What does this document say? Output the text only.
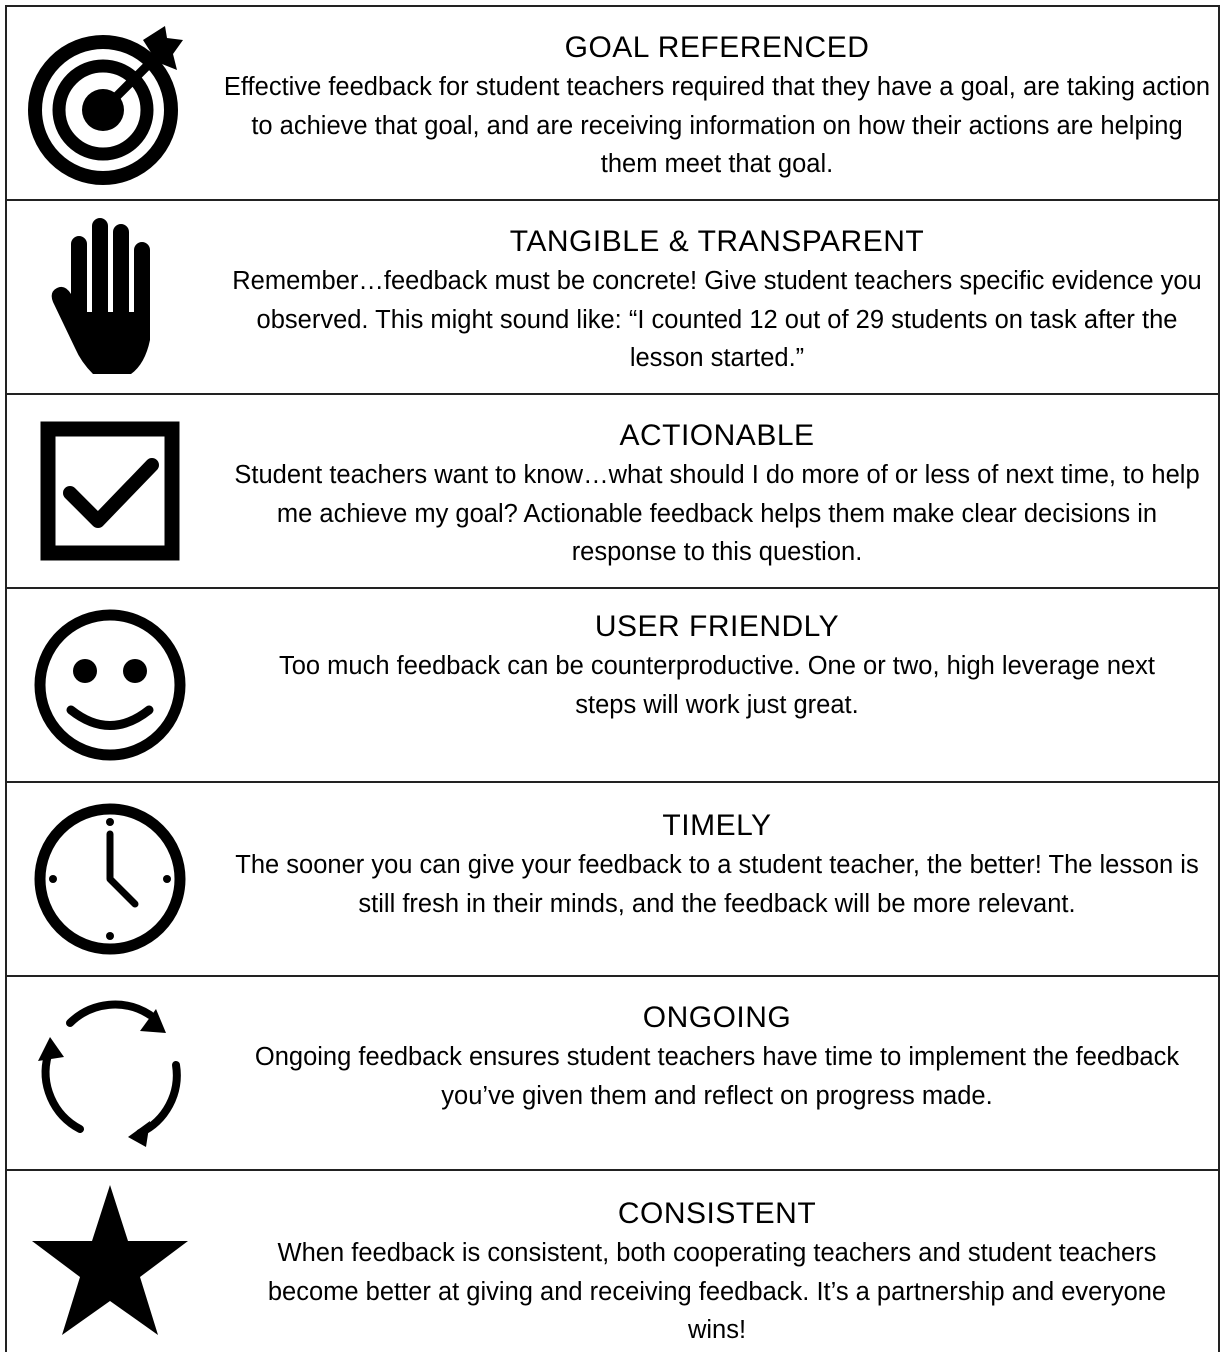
GOAL REFERENCED

Effective feedback for student teachers required that they have a goal, are taking action to achieve that goal, and are receiving information on how their actions are helping them meet that goal.

TANGIBLE & TRANSPARENT

Remember…feedback must be concrete! Give student teachers specific evidence you observed. This might sound like: “I counted 12 out of 29 students on task after the lesson started.”

ACTIONABLE

Student teachers want to know…what should I do more of or less of next time, to help me achieve my goal? Actionable feedback helps them make clear decisions in response to this question.

USER FRIENDLY

Too much feedback can be counterproductive. One or two, high leverage next steps will work just great.

TIMELY

The sooner you can give your feedback to a student teacher, the better! The lesson is still fresh in their minds, and the feedback will be more relevant.

ONGOING

Ongoing feedback ensures student teachers have time to implement the feedback you’ve given them and reflect on progress made.

CONSISTENT

When feedback is consistent, both cooperating teachers and student teachers become better at giving and receiving feedback. It’s a partnership and everyone wins!
